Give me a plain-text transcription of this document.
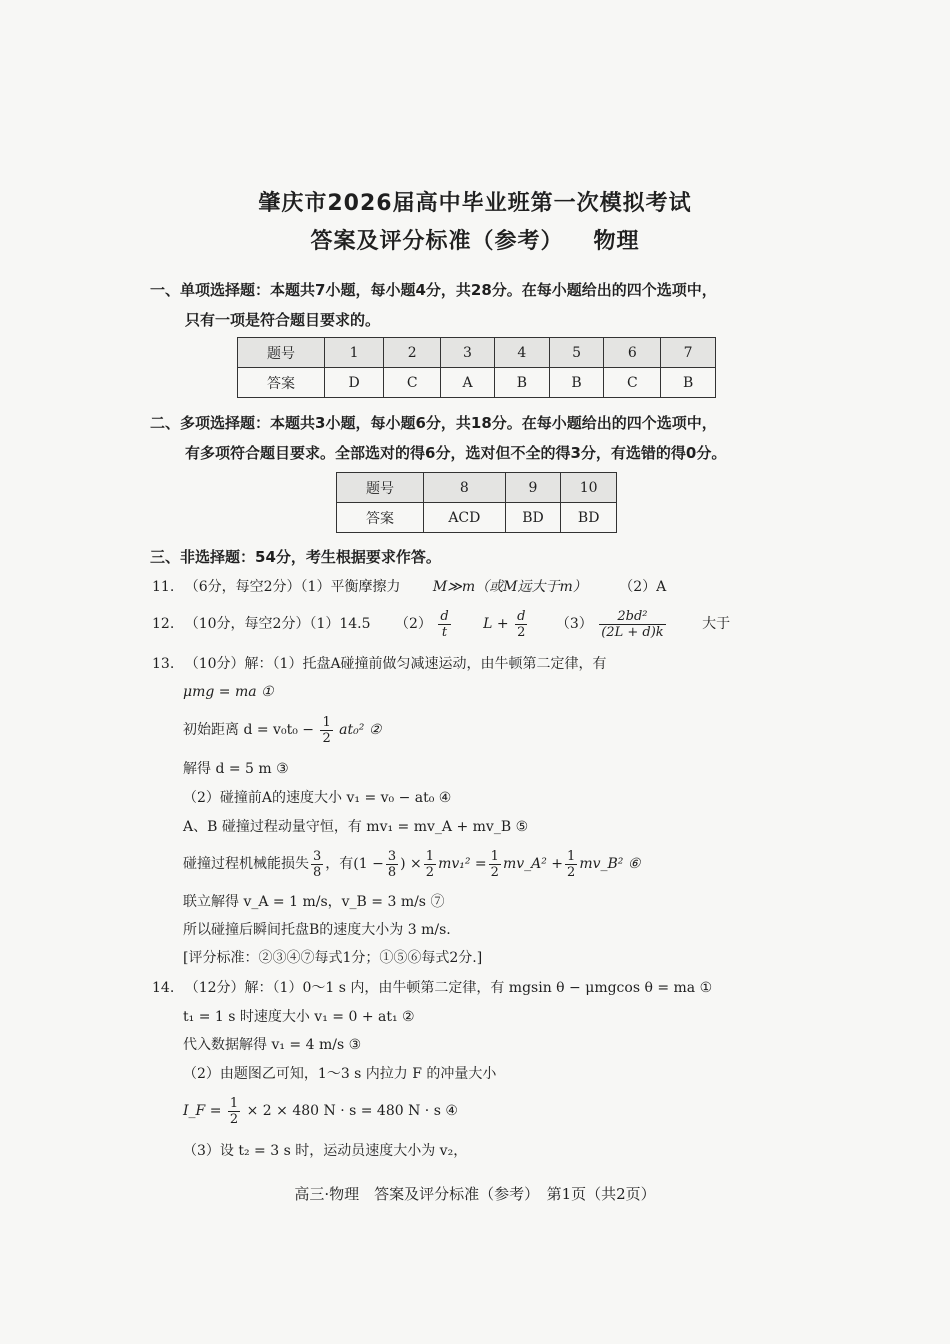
肇庆市2026届高中毕业班第一次模拟考试
答案及评分标准（参考） 物理
一、单项选择题：本题共7小题，每小题4分，共28分。在每小题给出的四个选项中，
只有一项是符合题目要求的。
题号	1	2	3	4	5	6	7
答案	D	C	A	B	B	C	B
二、多项选择题：本题共3小题，每小题6分，共18分。在每小题给出的四个选项中，
有多项符合题目要求。全部选对的得6分，选对但不全的得3分，有选错的得0分。
题号	8	9	10
答案	ACD	BD	BD
三、非选择题：54分，考生根据要求作答。
11. （6分，每空2分）（1）平衡摩擦力 M≫m（或M远大于m） （2）A
12. （10分，每空2分）（1）14.5 $(2) \frac{d}{t}$ $L + \frac{d}{2} (3) \frac{\text{2bd²}}{(2L + d)k}$	大于
13. （10分）解：（1）托盘A碰撞前做匀减速运动，由牛顿第二定律，有
μmg = ma ①
初始距离 $d = v_0t_0 - \frac{1}{2} at_0^2$ ②
解得 d = 5 m ③
（2）碰撞前A的速度大小 v₁ = v₀ − at₀ ④
A、B 碰撞过程动量守恒，有 mv₁ = mv_A + mv_B ⑤
碰撞过程机械能损失 $\frac{3}{8}$ ，有($1 - \frac{3}{8}$ ) × $\frac{1}{2} mv_1^2 = \frac{1}{2}$ mv_A² + $\frac{1}{2}$ mv_B² ⑥
联立解得 v_A = 1 m/s，v_B = 3 m/s ⑦
所以碰撞后瞬间托盘B的速度大小为 3 m/s.
[评分标准：②③④⑦每式1分；①⑤⑥每式2分.]
14. （12分）解：（1）0～1 s 内，由牛顿第二定律，有 mgsin θ − μmgcos θ = ma ①
t₁ = 1 s 时速度大小 v₁ = 0 + at₁ ②
代入数据解得 v₁ = 4 m/s ③
（2）由题图乙可知，1～3 s 内拉力 F 的冲量大小
I_F = $\frac{1}{2} \times 2 \times 480$ N · s = 480 N · s ④
（3）设 t₂ = 3 s 时，运动员速度大小为 v₂，
高三·物理　答案及评分标准（参考）　第1页（共2页）
